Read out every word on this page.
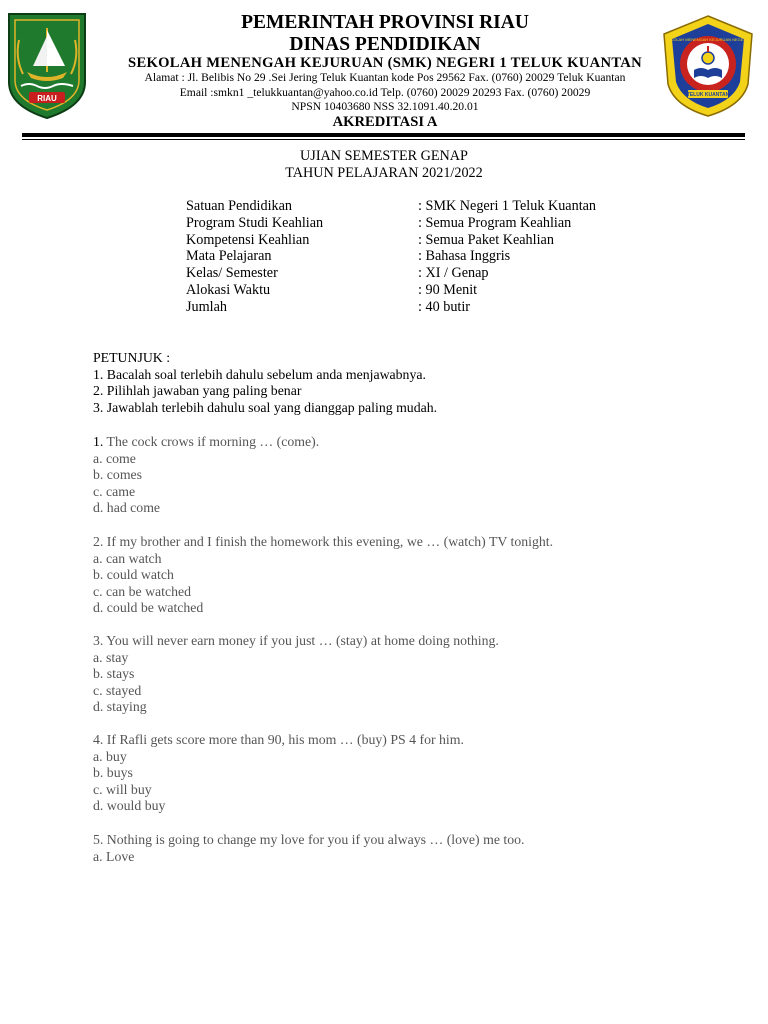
RIAU	TELUK KUANTAN
SEKOLAH MENENGAH KEJURUAN NEGERI 1
PEMERINTAH PROVINSI RIAU
DINAS PENDIDIKAN
SEKOLAH MENENGAH KEJURUAN (SMK) NEGERI 1 TELUK KUANTAN
Alamat : Jl. Belibis No 29 .Sei Jering Teluk Kuantan kode Pos 29562 Fax. (0760) 20029 Teluk Kuantan
Email :smkn1 _telukkuantan@yahoo.co.id Telp. (0760) 20029 20293 Fax. (0760) 20029
NPSN 10403680 NSS 32.1091.40.20.01
AKREDITASI A
UJIAN SEMESTER GENAP
TAHUN PELAJARAN 2021/2022
Satuan Pendidikan	: SMK Negeri 1 Teluk Kuantan
Program Studi Keahlian	: Semua Program Keahlian
Kompetensi Keahlian	: Semua Paket Keahlian
Mata Pelajaran	: Bahasa Inggris
Kelas/ Semester	: XI / Genap
Alokasi Waktu	: 90 Menit
Jumlah	: 40 butir
PETUNJUK :
1. Bacalah soal terlebih dahulu sebelum anda menjawabnya.
2. Pilihlah jawaban yang paling benar
3. Jawablah terlebih dahulu soal yang dianggap paling mudah.
1. The cock crows if morning … (come).
a. come
b. comes
c. came
d. had come
2. If my brother and I finish the homework this evening, we … (watch) TV tonight.
a. can watch
b. could watch
c. can be watched
d. could be watched
3. You will never earn money if you just … (stay) at home doing nothing.
a. stay
b. stays
c. stayed
d. staying
4. If Rafli gets score more than 90, his mom … (buy) PS 4 for him.
a. buy
b. buys
c. will buy
d. would buy
5. Nothing is going to change my love for you if you always … (love) me too.
a. Love
